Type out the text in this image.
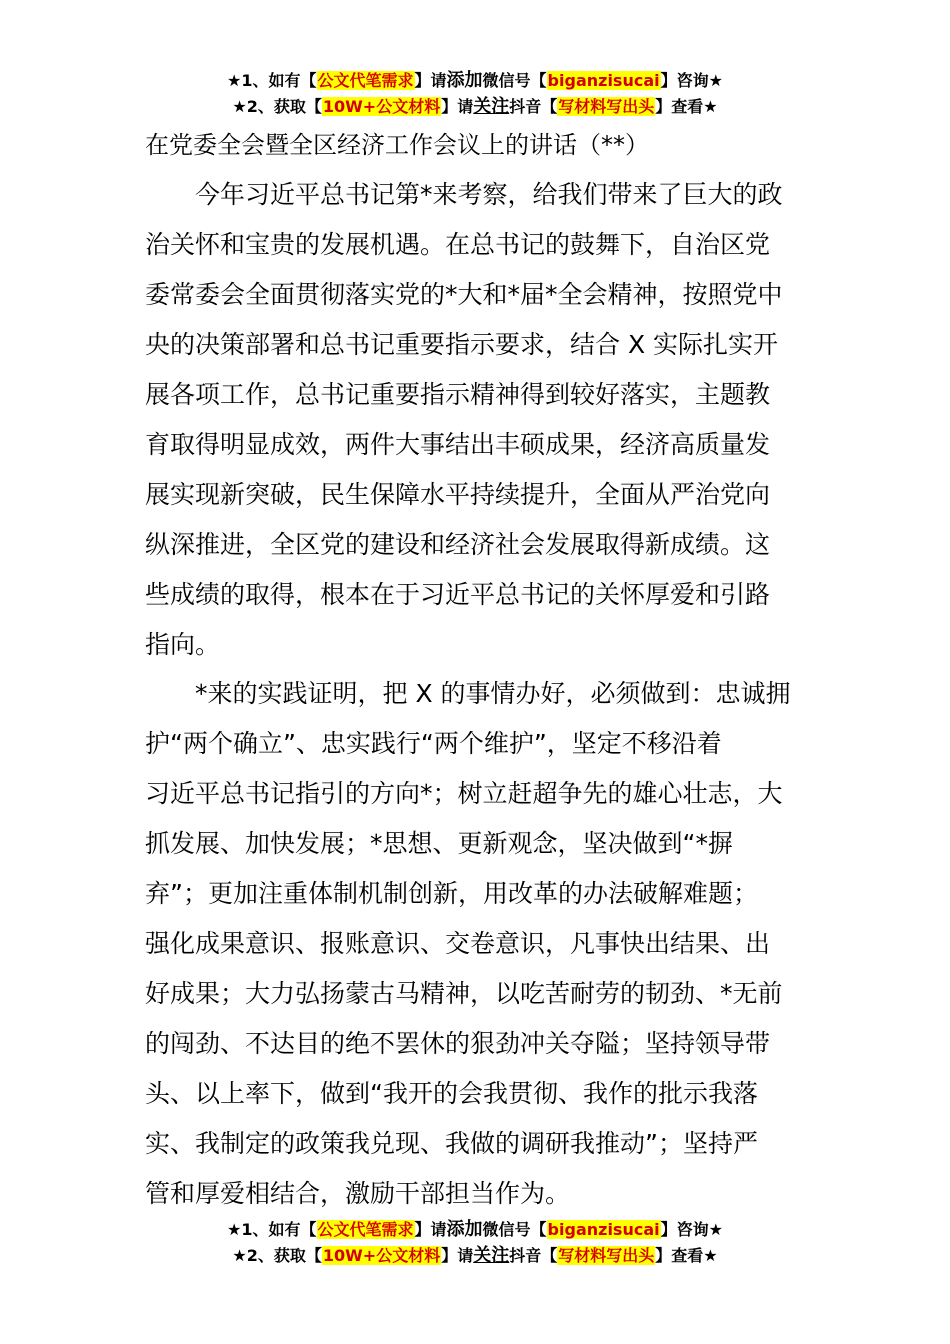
★1、如有【公文代笔需求】请添加微信号【biganzisucai】咨询★
★2、获取【10W+公文材料】请关注抖音【写材料写出头】查看★
在党委全会暨全区经济工作会议上的讲话（**）
　　今年习近平总书记第*来考察，给我们带来了巨大的政
治关怀和宝贵的发展机遇。在总书记的鼓舞下，自治区党
委常委会全面贯彻落实党的*大和*届*全会精神，按照党中
央的决策部署和总书记重要指示要求，结合 X 实际扎实开
展各项工作，总书记重要指示精神得到较好落实，主题教
育取得明显成效，两件大事结出丰硕成果，经济高质量发
展实现新突破，民生保障水平持续提升，全面从严治党向
纵深推进，全区党的建设和经济社会发展取得新成绩。这
些成绩的取得，根本在于习近平总书记的关怀厚爱和引路
指向。
　　*来的实践证明，把 X 的事情办好，必须做到：忠诚拥
护“两个确立”、忠实践行“两个维护”，坚定不移沿着
习近平总书记指引的方向*；树立赶超争先的雄心壮志，大
抓发展、加快发展；*思想、更新观念，坚决做到“*摒
弃”；更加注重体制机制创新，用改革的办法破解难题；
强化成果意识、报账意识、交卷意识，凡事快出结果、出
好成果；大力弘扬蒙古马精神，以吃苦耐劳的韧劲、*无前
的闯劲、不达目的绝不罢休的狠劲冲关夺隘；坚持领导带
头、以上率下，做到“我开的会我贯彻、我作的批示我落
实、我制定的政策我兑现、我做的调研我推动”；坚持严
管和厚爱相结合，激励干部担当作为。
★1、如有【公文代笔需求】请添加微信号【biganzisucai】咨询★
★2、获取【10W+公文材料】请关注抖音【写材料写出头】查看★
